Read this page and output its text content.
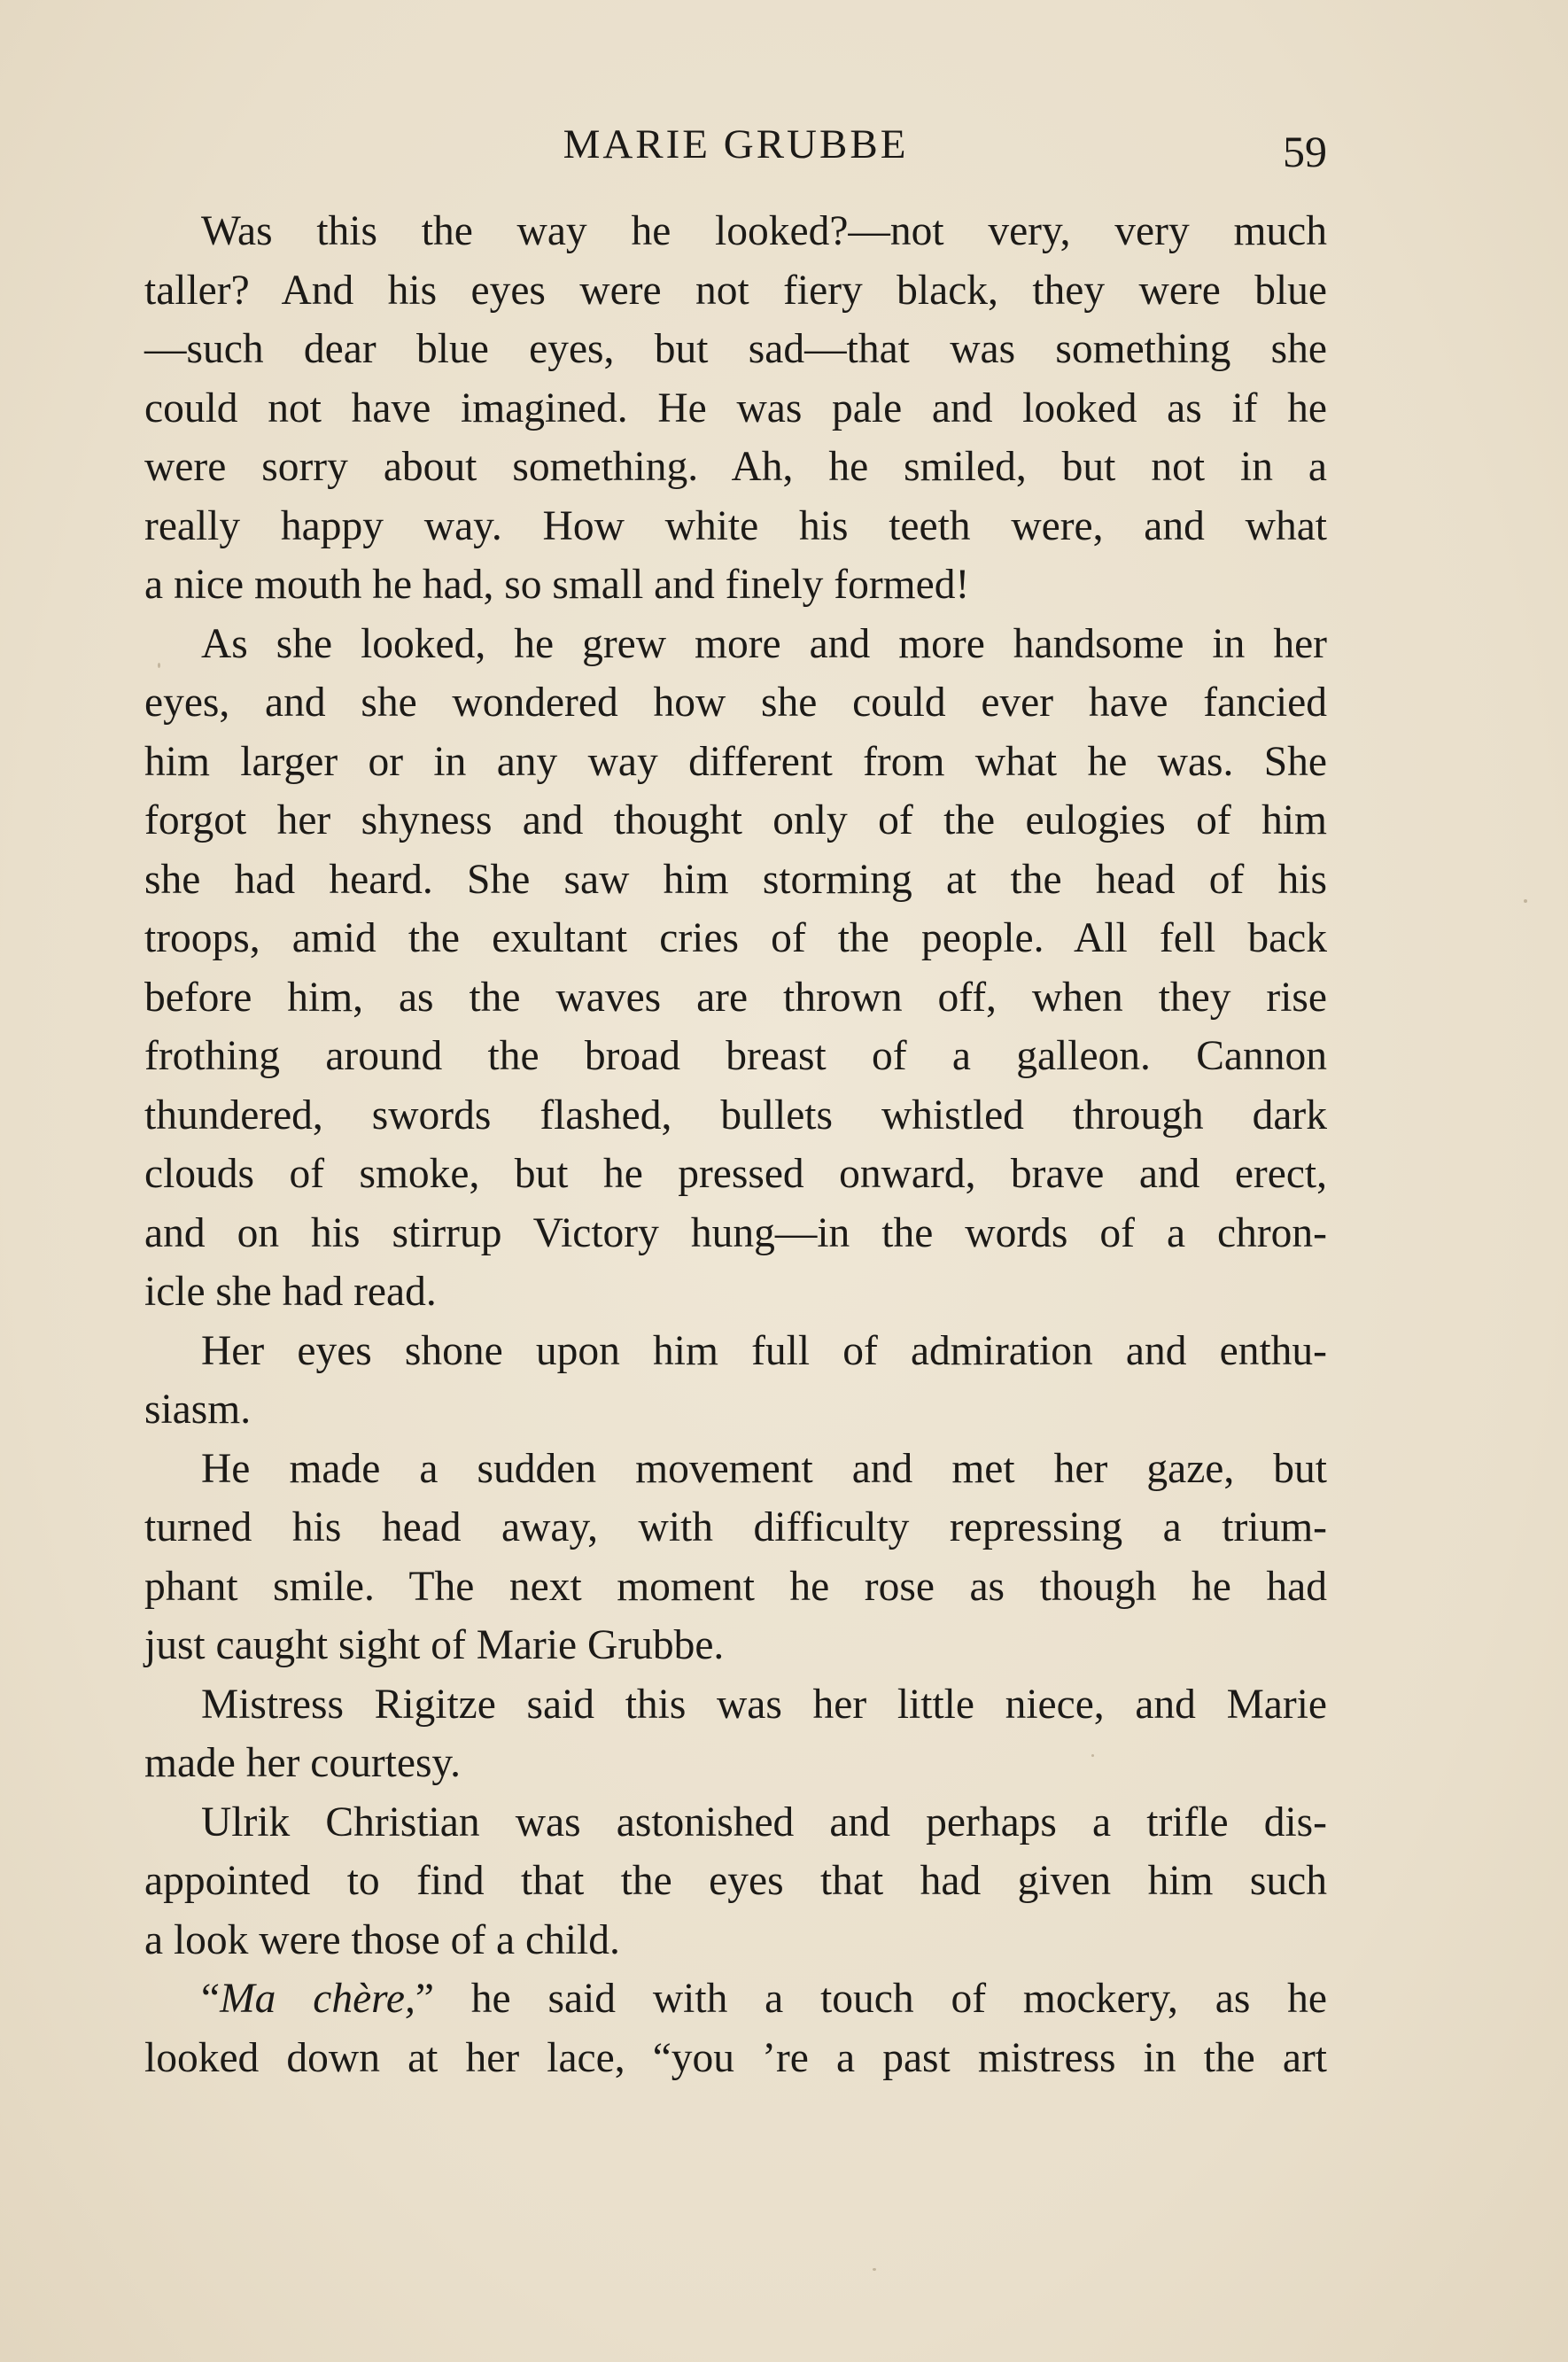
MARIE GRUBBE	59
Was this the way he looked?—not very, very much
taller? And his eyes were not fiery black, they were blue
—such dear blue eyes, but sad—that was something she
could not have imagined. He was pale and looked as if he
were sorry about something. Ah, he smiled, but not in a
really happy way. How white his teeth were, and what
a nice mouth he had, so small and finely formed!
As she looked, he grew more and more handsome in her
eyes, and she wondered how she could ever have fancied
him larger or in any way different from what he was. She
forgot her shyness and thought only of the eulogies of him
she had heard. She saw him storming at the head of his
troops, amid the exultant cries of the people. All fell back
before him, as the waves are thrown off, when they rise
frothing around the broad breast of a galleon. Cannon
thundered, swords flashed, bullets whistled through dark
clouds of smoke, but he pressed onward, brave and erect,
and on his stirrup Victory hung—in the words of a chron-
icle she had read.
Her eyes shone upon him full of admiration and enthu-
siasm.
He made a sudden movement and met her gaze, but
turned his head away, with difficulty repressing a trium-
phant smile. The next moment he rose as though he had
just caught sight of Marie Grubbe.
Mistress Rigitze said this was her little niece, and Marie
made her courtesy.
Ulrik Christian was astonished and perhaps a trifle dis-
appointed to find that the eyes that had given him such
a look were those of a child.
“Ma chère,” he said with a touch of mockery, as he
looked down at her lace, “you ’re a past mistress in the art
